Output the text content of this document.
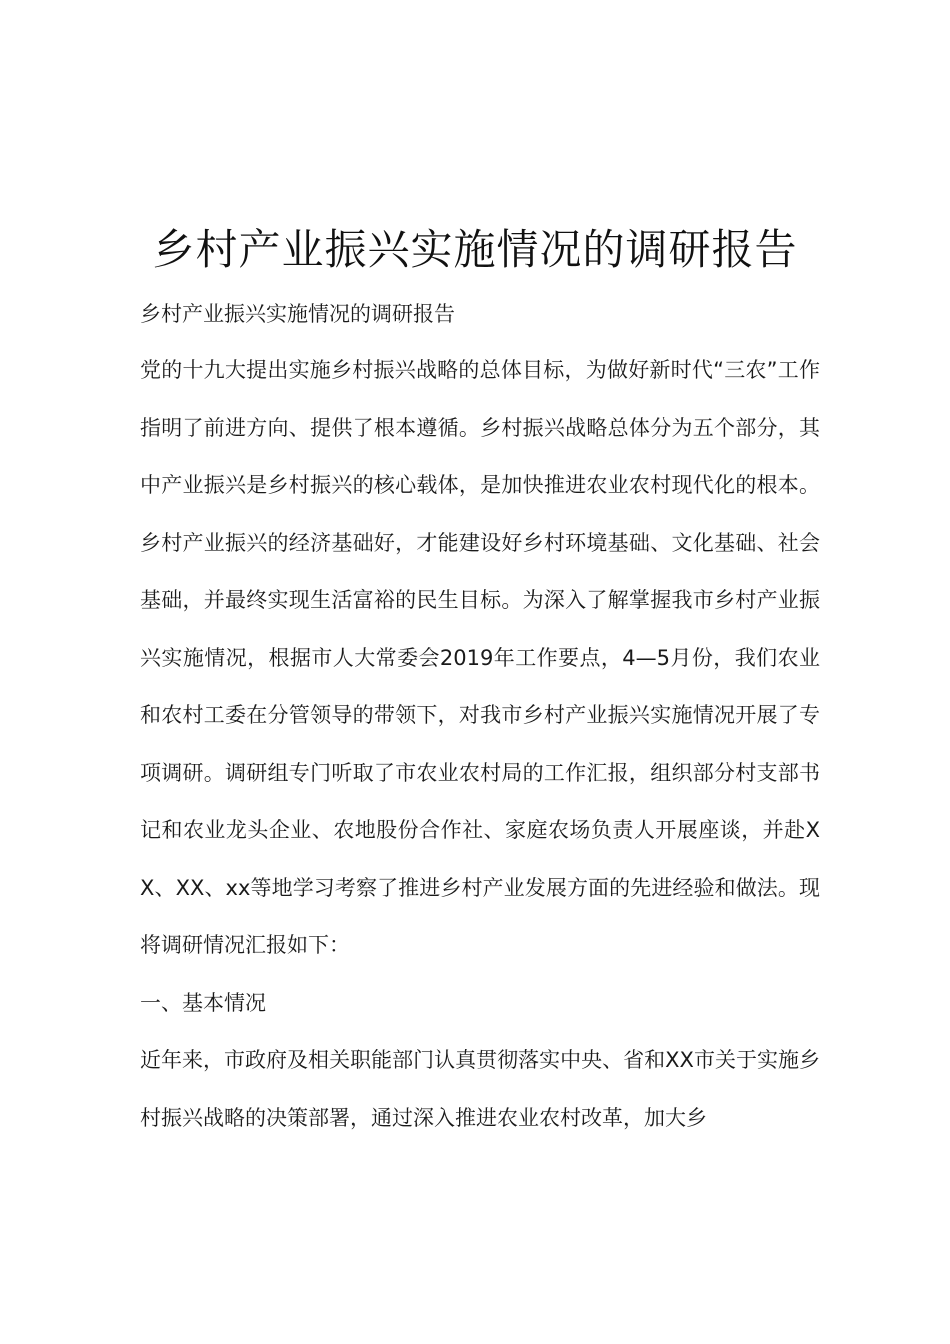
乡村产业振兴实施情况的调研报告

乡村产业振兴实施情况的调研报告

党的十九大提出实施乡村振兴战略的总体目标，为做好新时代“三农”工作指明了前进方向、提供了根本遵循。乡村振兴战略总体分为五个部分，其中产业振兴是乡村振兴的核心载体，是加快推进农业农村现代化的根本。乡村产业振兴的经济基础好，才能建设好乡村环境基础、文化基础、社会基础，并最终实现生活富裕的民生目标。为深入了解掌握我市乡村产业振兴实施情况，根据市人大常委会2019年工作要点，4—5月份，我们农业和农村工委在分管领导的带领下，对我市乡村产业振兴实施情况开展了专项调研。调研组专门听取了市农业农村局的工作汇报，组织部分村支部书记和农业龙头企业、农地股份合作社、家庭农场负责人开展座谈，并赴XX、XX、xx等地学习考察了推进乡村产业发展方面的先进经验和做法。现将调研情况汇报如下：

一、基本情况

近年来，市政府及相关职能部门认真贯彻落实中央、省和XX市关于实施乡村振兴战略的决策部署，通过深入推进农业农村改革，加大乡
